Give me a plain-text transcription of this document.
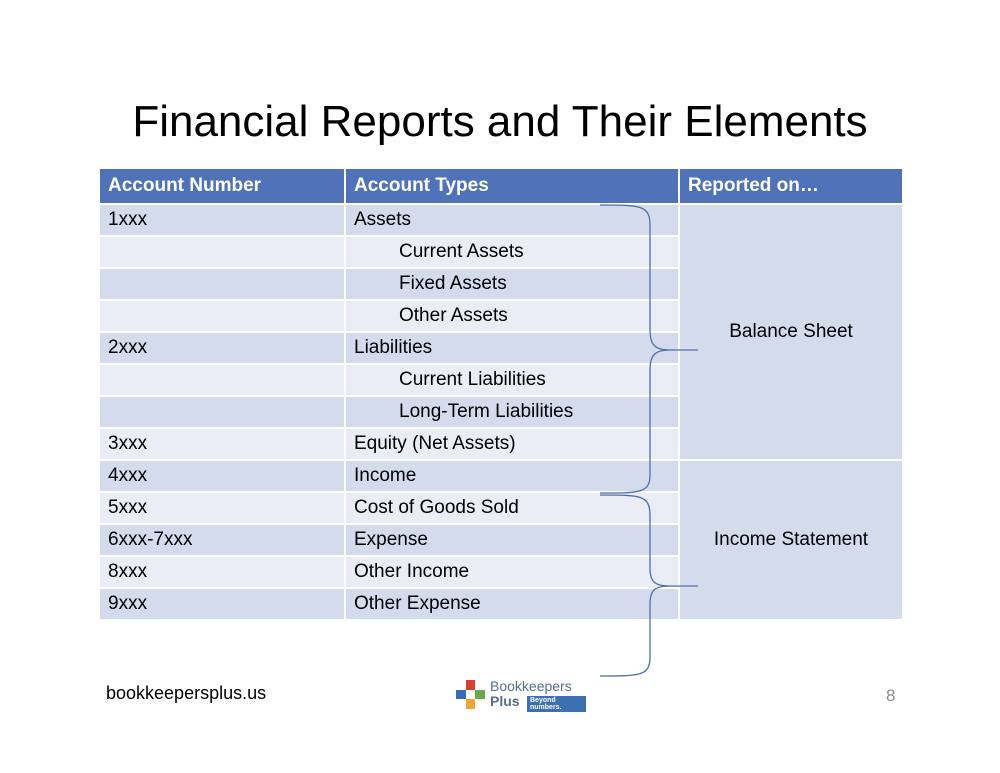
Financial Reports and Their Elements
Account Number	Account Types	Reported on…
1xxx	Assets	Balance Sheet
	Current Assets	
	Fixed Assets	
	Other Assets	
2xxx	Liabilities	
	Current Liabilities	
	Long-Term Liabilities	
3xxx	Equity (Net Assets)	
4xxx	Income	Income Statement
5xxx	Cost of Goods Sold	
6xxx-7xxx	Expense	
8xxx	Other Income	
9xxx	Other Expense	
bookkeepersplus.us	Bookkeepers
Plus	Beyond numbers.
8
